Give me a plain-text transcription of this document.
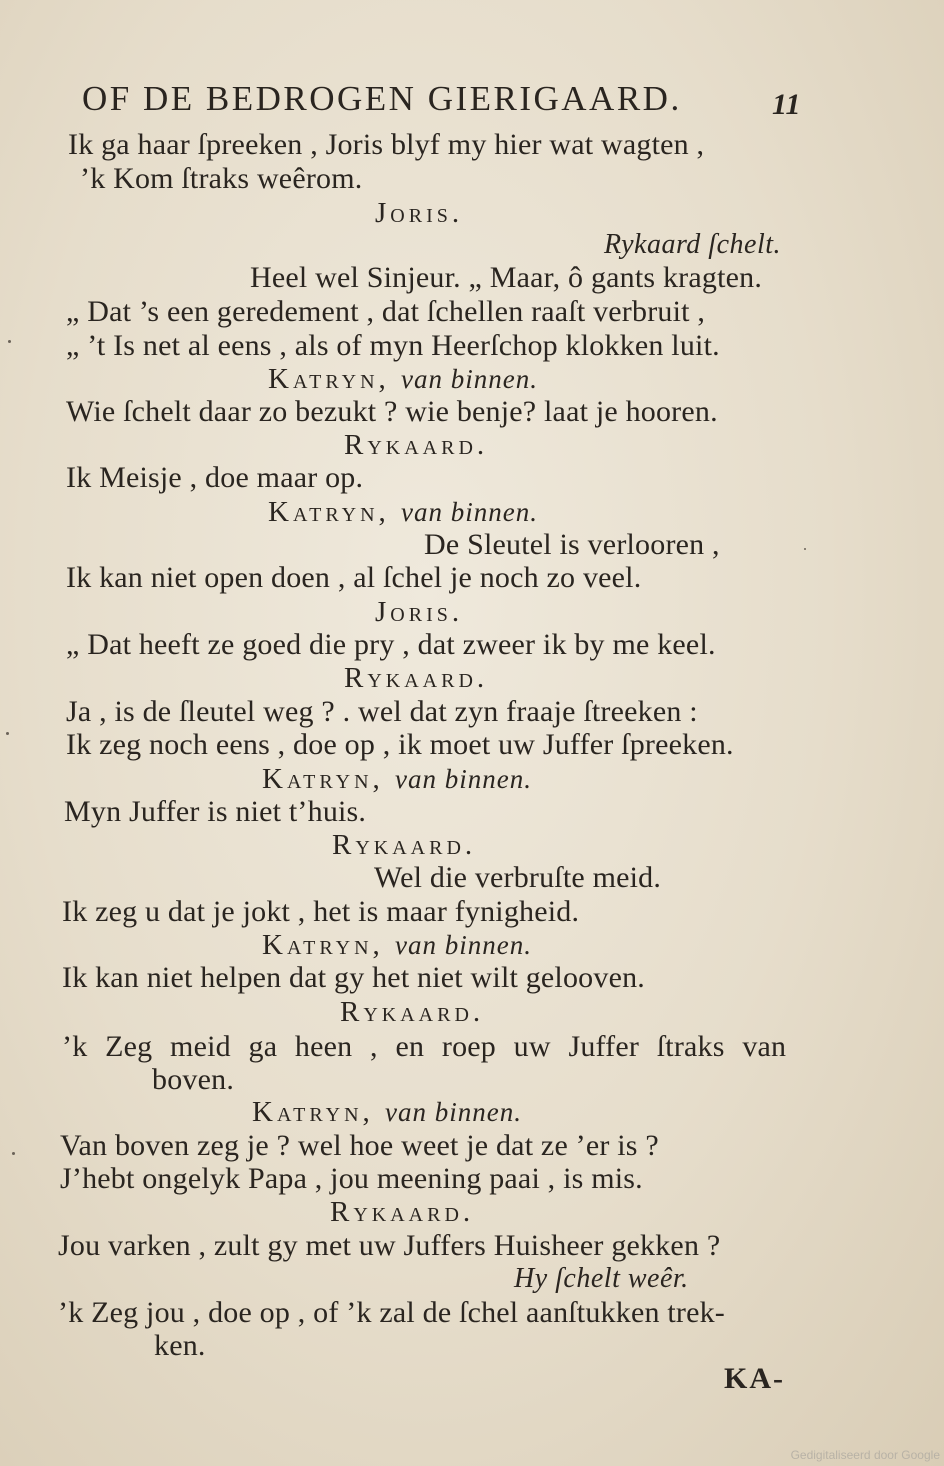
OF DE BEDROGEN GIERIGAARD.	11
Ik ga haar ſpreeken , Joris blyf my hier wat wagten ,
’k Kom ſtraks weêrom.
Joris.
Rykaard ſchelt.
Heel wel Sinjeur. „ Maar, ô gants kragten.
„ Dat ’s een geredement , dat ſchellen raaſt verbruit ,
„ ’t Is net al eens , als of myn Heerſchop klokken luit.
Katryn, van binnen.
Wie ſchelt daar zo bezukt ? wie benje? laat je hooren.
Rykaard.
Ik Meisje , doe maar op.
Katryn, van binnen.
De Sleutel is verlooren ,
Ik kan niet open doen , al ſchel je noch zo veel.
Joris.
„ Dat heeft ze goed die pry , dat zweer ik by me keel.
Rykaard.
Ja , is de ſleutel weg ? . wel dat zyn fraaje ſtreeken :
Ik zeg noch eens , doe op , ik moet uw Juffer ſpreeken.
Katryn, van binnen.
Myn Juffer is niet t’huis.
Rykaard.
Wel die verbruſte meid.
Ik zeg u dat je jokt , het is maar fynigheid.
Katryn, van binnen.
Ik kan niet helpen dat gy het niet wilt gelooven.
Rykaard.
’k Zeg meid ga heen , en roep uw Juffer ſtraks van
boven.
Katryn, van binnen.
Van boven zeg je ? wel hoe weet je dat ze ’er is ?
J’hebt ongelyk Papa , jou meening paai , is mis.
Rykaard.
Jou varken , zult gy met uw Juffers Huisheer gekken ?
Hy ſchelt weêr.
’k Zeg jou , doe op , of ’k zal de ſchel aanſtukken trek-
ken.
KA-
Gedigitaliseerd door Google
